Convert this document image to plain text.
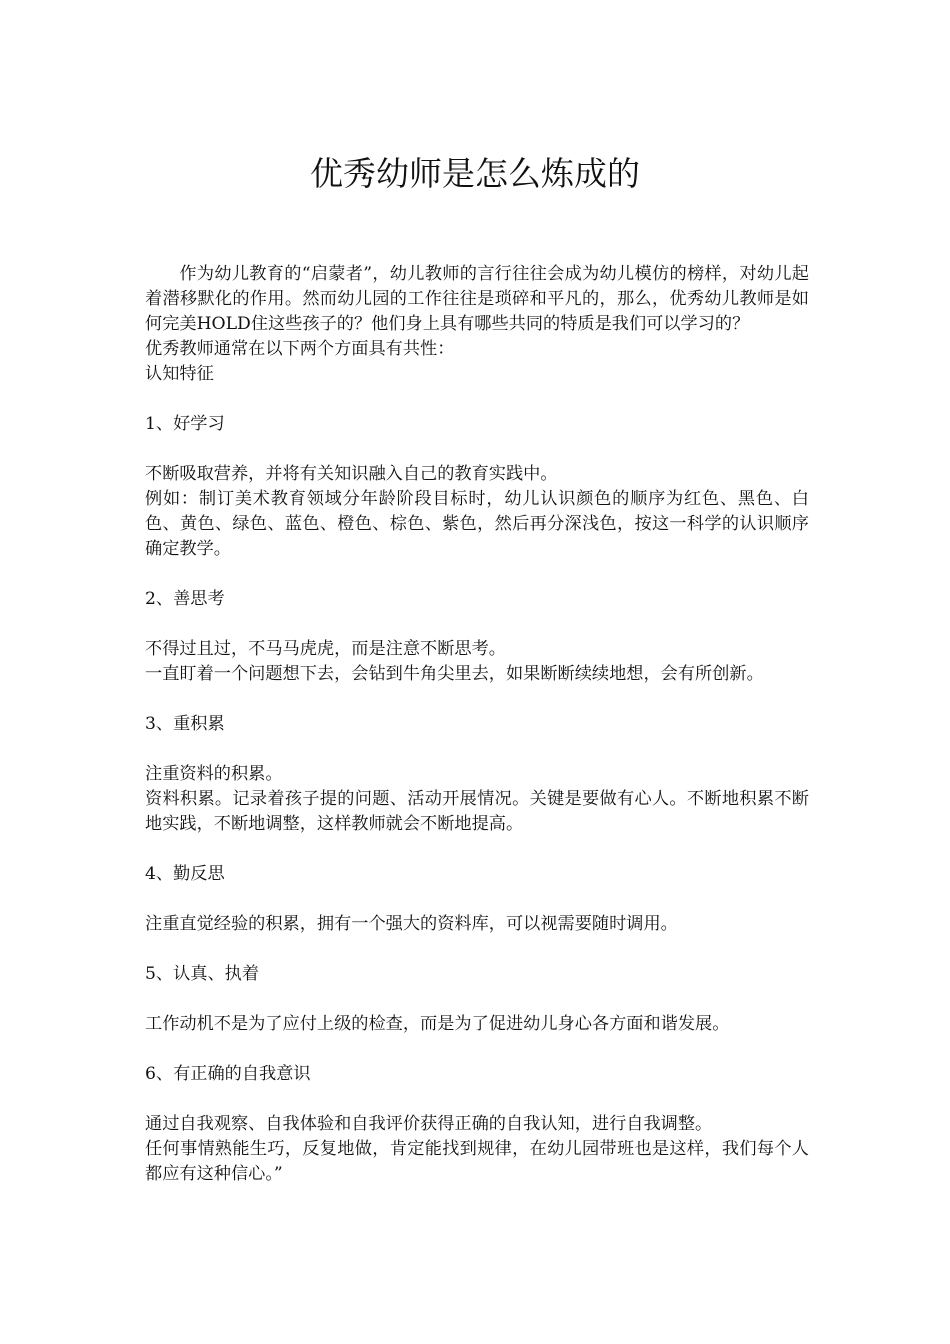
优秀幼师是怎么炼成的

作为幼儿教育的“启蒙者”，幼儿教师的言行往往会成为幼儿模仿的榜样，对幼儿起着潜移默化的作用。然而幼儿园的工作往往是琐碎和平凡的，那么，优秀幼儿教师是如何完美HOLD住这些孩子的？他们身上具有哪些共同的特质是我们可以学习的？

优秀教师通常在以下两个方面具有共性：

认知特征

1、好学习

不断吸取营养，并将有关知识融入自己的教育实践中。

例如：制订美术教育领域分年龄阶段目标时，幼儿认识颜色的顺序为红色、黑色、白色、黄色、绿色、蓝色、橙色、棕色、紫色，然后再分深浅色，按这一科学的认识顺序确定教学。

2、善思考

不得过且过，不马马虎虎，而是注意不断思考。

一直盯着一个问题想下去，会钻到牛角尖里去，如果断断续续地想，会有所创新。

3、重积累

注重资料的积累。

资料积累。记录着孩子提的问题、活动开展情况。关键是要做有心人。不断地积累不断地实践，不断地调整，这样教师就会不断地提高。

4、勤反思

注重直觉经验的积累，拥有一个强大的资料库，可以视需要随时调用。

5、认真、执着

工作动机不是为了应付上级的检查，而是为了促进幼儿身心各方面和谐发展。

6、有正确的自我意识

通过自我观察、自我体验和自我评价获得正确的自我认知，进行自我调整。

任何事情熟能生巧，反复地做，肯定能找到规律，在幼儿园带班也是这样，我们每个人都应有这种信心。”
